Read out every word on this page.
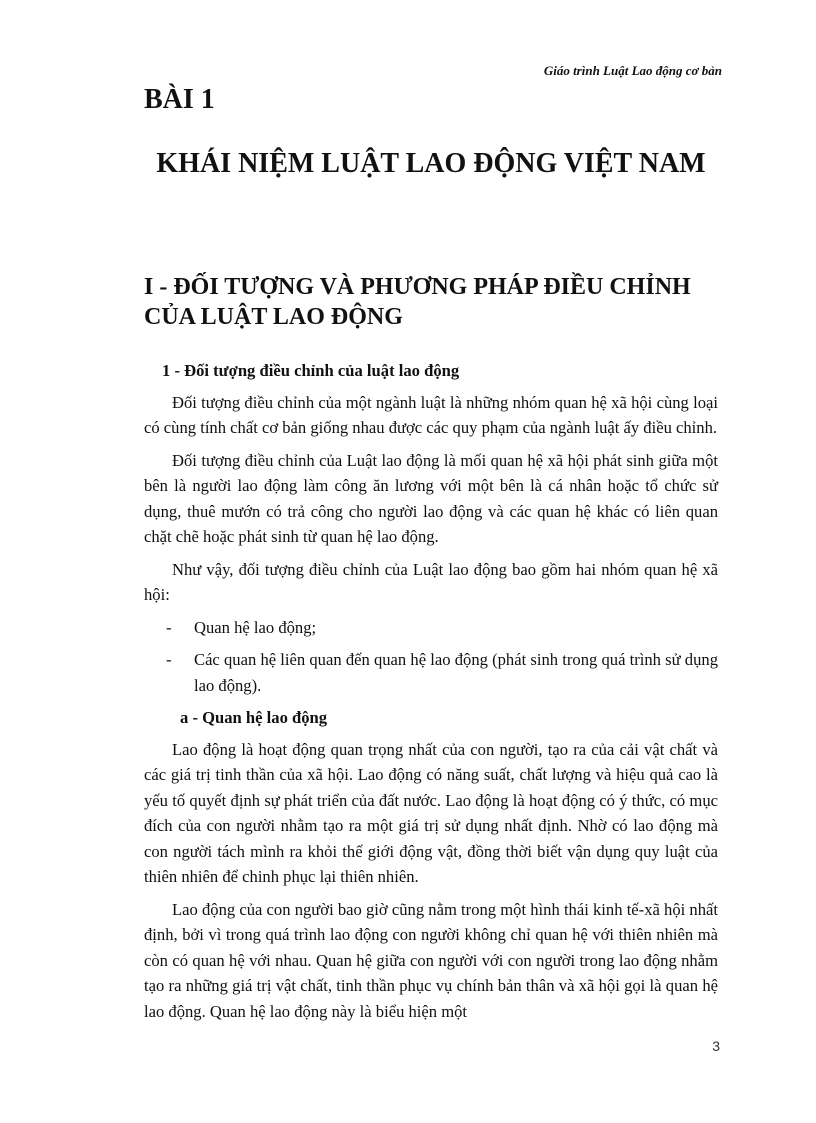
Giáo trình Luật Lao động cơ bản
BÀI 1
KHÁI NIỆM LUẬT LAO ĐỘNG VIỆT NAM
I - ĐỐI TƯỢNG VÀ PHƯƠNG PHÁP ĐIỀU CHỈNH CỦA LUẬT LAO ĐỘNG
1 - Đối tượng điều chỉnh của luật lao động

Đối tượng điều chỉnh của một ngành luật là những nhóm quan hệ xã hội cùng loại có cùng tính chất cơ bản giống nhau được các quy phạm của ngành luật ấy điều chỉnh.

Đối tượng điều chỉnh của Luật lao động là mối quan hệ xã hội phát sinh giữa một bên là người lao động làm công ăn lương với một bên là cá nhân hoặc tổ chức sử dụng, thuê mướn có trả công cho người lao động và các quan hệ khác có liên quan chặt chẽ hoặc phát sinh từ quan hệ lao động.

Như vậy, đối tượng điều chỉnh của Luật lao động bao gồm hai nhóm quan hệ xã hội:

- Quan hệ lao động;
- Các quan hệ liên quan đến quan hệ lao động (phát sinh trong quá trình sử dụng lao động).
a - Quan hệ lao động

Lao động là hoạt động quan trọng nhất của con người, tạo ra của cải vật chất và các giá trị tinh thần của xã hội. Lao động có năng suất, chất lượng và hiệu quả cao là yếu tố quyết định sự phát triển của đất nước. Lao động là hoạt động có ý thức, có mục đích của con người nhằm tạo ra một giá trị sử dụng nhất định. Nhờ có lao động mà con người tách mình ra khỏi thế giới động vật, đồng thời biết vận dụng quy luật của thiên nhiên để chinh phục lại thiên nhiên.

Lao động của con người bao giờ cũng nằm trong một hình thái kinh tế-xã hội nhất định, bởi vì trong quá trình lao động con người không chỉ quan hệ với thiên nhiên mà còn có quan hệ với nhau. Quan hệ giữa con người với con người trong lao động nhằm tạo ra những giá trị vật chất, tinh thần phục vụ chính bản thân và xã hội gọi là quan hệ lao động. Quan hệ lao động này là biểu hiện một

3
